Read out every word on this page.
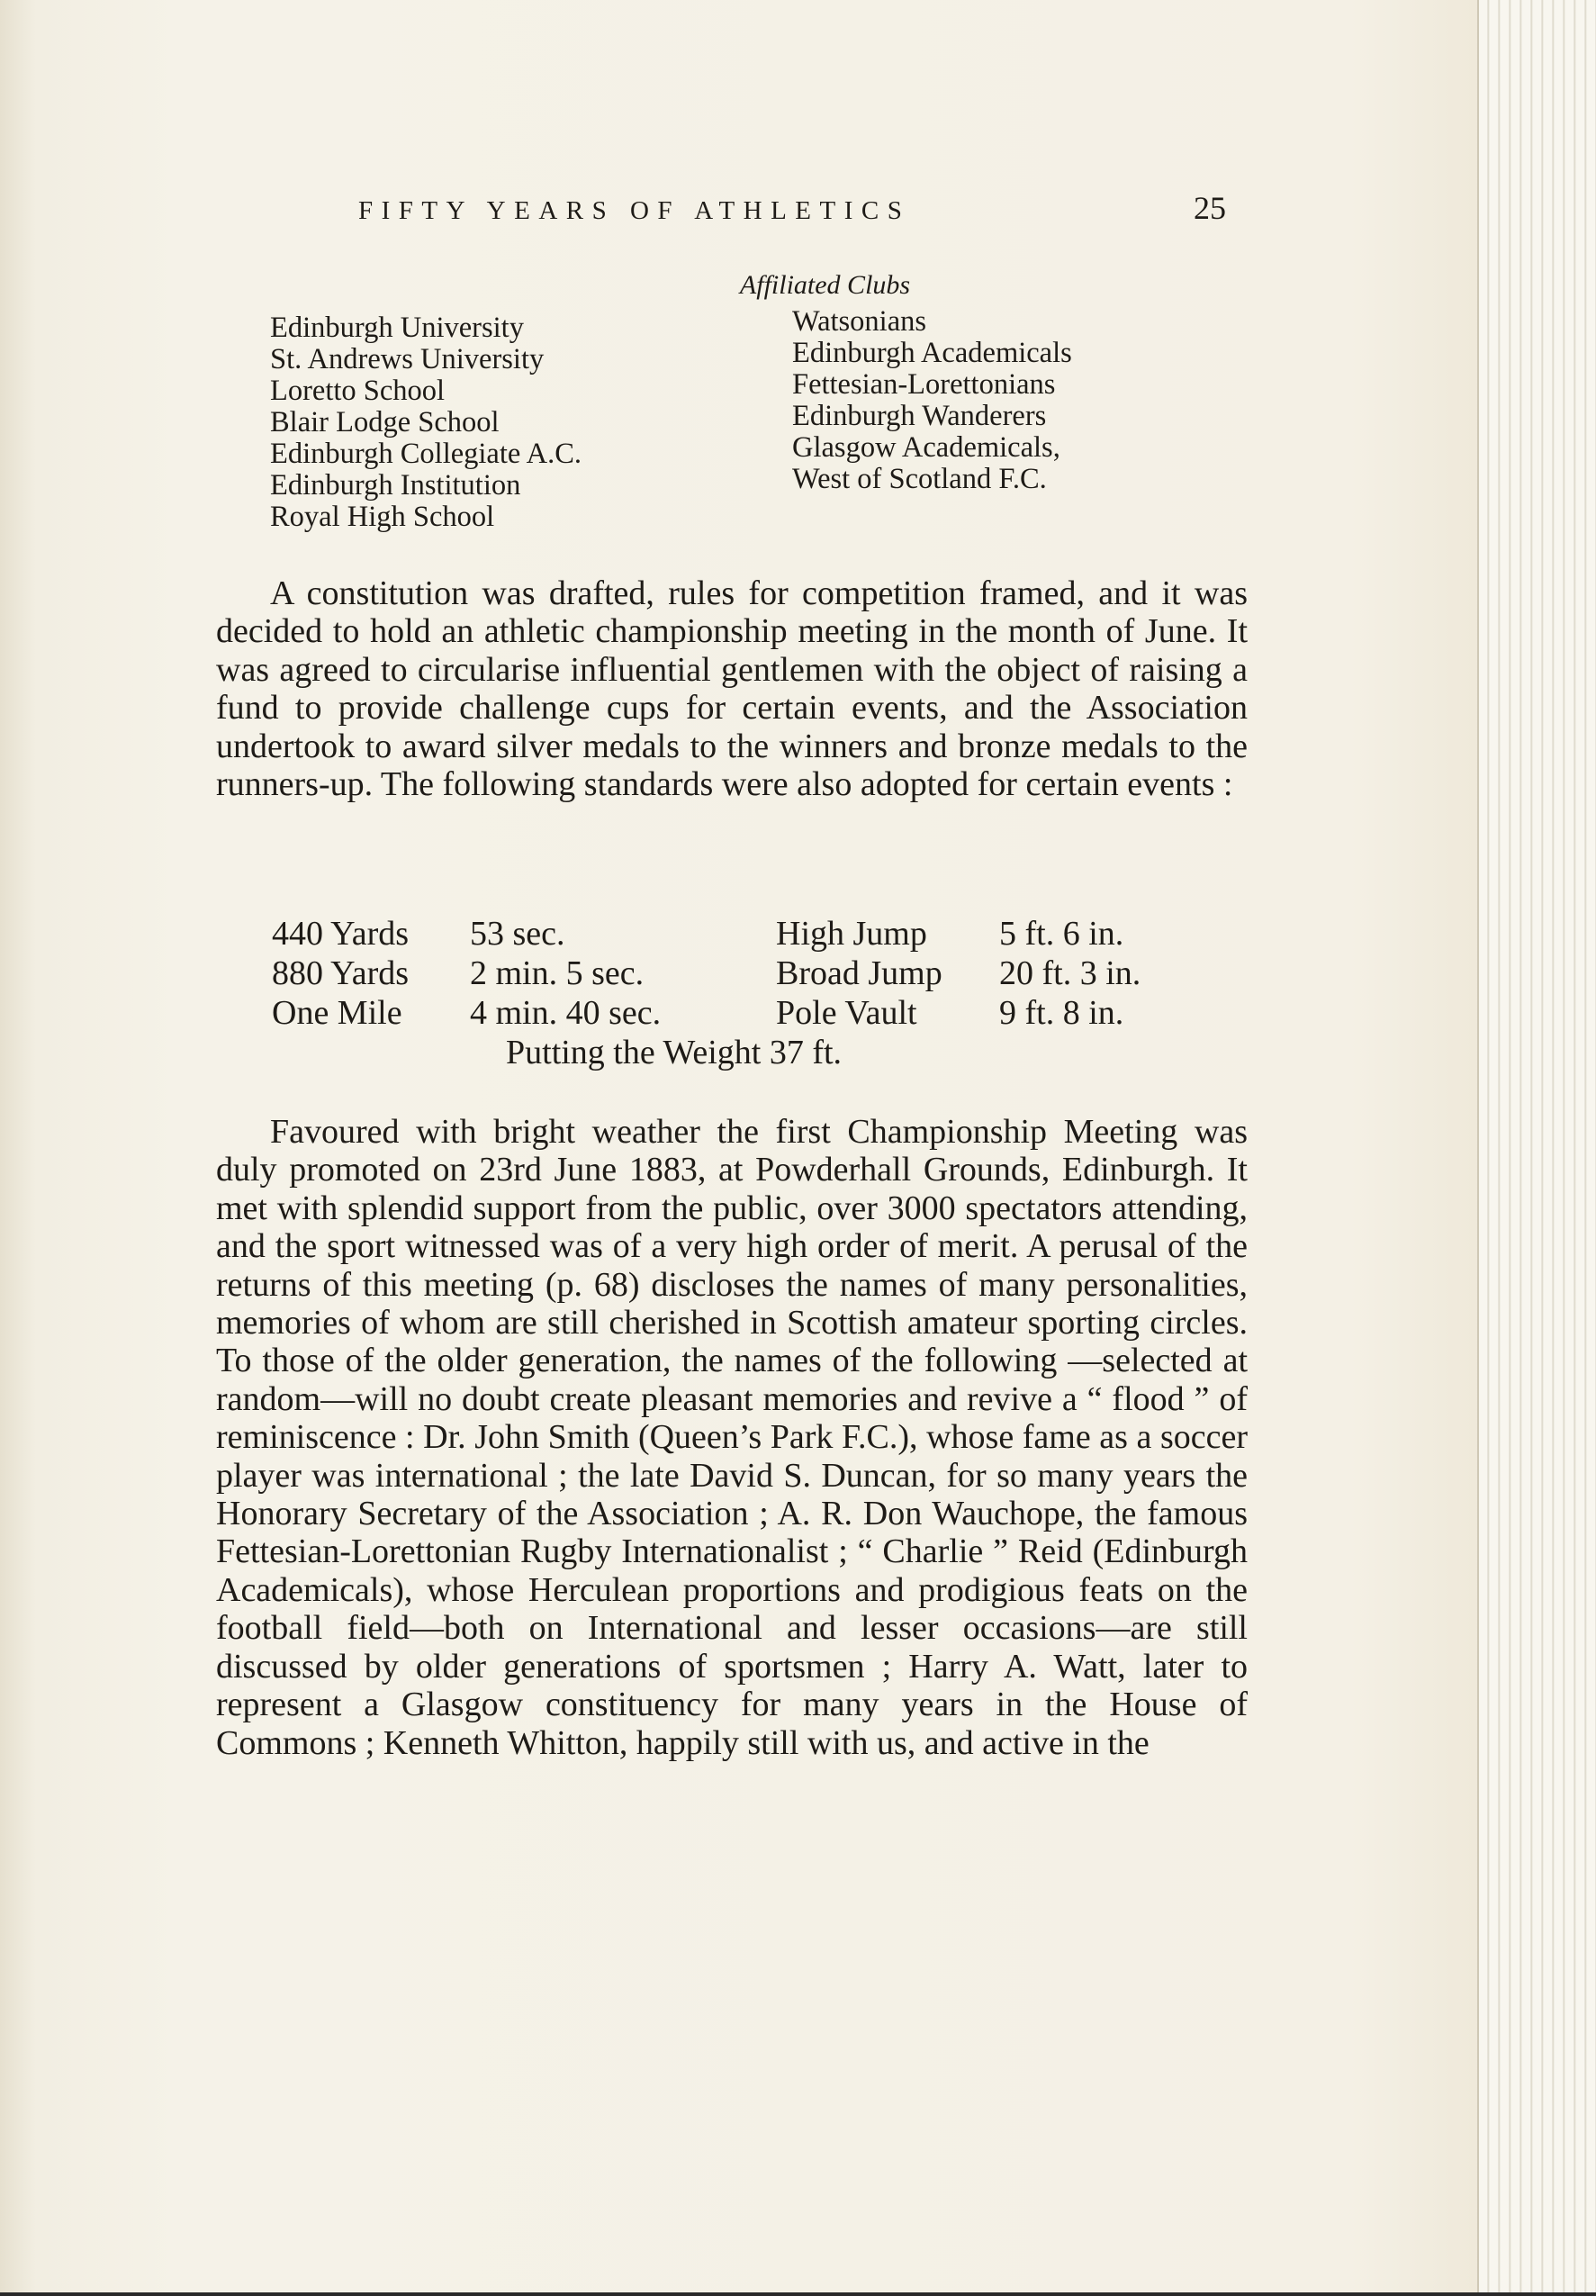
FIFTY YEARS OF ATHLETICS	25
Affiliated Clubs
Edinburgh University
St. Andrews University
Loretto School
Blair Lodge School
Edinburgh Collegiate A.C.
Edinburgh Institution
Royal High School
Watsonians
Edinburgh Academicals
Fettesian-Lorettonians
Edinburgh Wanderers
Glasgow Academicals,
West of Scotland F.C.

A constitution was drafted, rules for competition framed, and it was decided to hold an athletic championship meeting in the month of June. It was agreed to circularise influential gentlemen with the object of raising a fund to provide challenge cups for certain events, and the Association undertook to award silver medals to the winners and bronze medals to the runners-up. The following standards were also adopted for certain events :

440 Yards 53 sec.	High Jump 5 ft. 6 in.
880 Yards 2 min. 5 sec.	Broad Jump 20 ft. 3 in.
One Mile 4 min. 40 sec.	Pole Vault 9 ft. 8 in.
Putting the Weight 37 ft.

Favoured with bright weather the first Championship Meeting was duly promoted on 23rd June 1883, at Powderhall Grounds, Edinburgh. It met with splendid support from the public, over 3000 spectators attending, and the sport witnessed was of a very high order of merit. A perusal of the returns of this meeting (p. 68) discloses the names of many personalities, memories of whom are still cherished in Scottish amateur sporting circles. To those of the older generation, the names of the following —selected at random—will no doubt create pleasant memories and revive a “ flood ” of reminiscence : Dr. John Smith (Queen’s Park F.C.), whose fame as a soccer player was international ; the late David S. Duncan, for so many years the Honorary Secretary of the Association ; A. R. Don Wauchope, the famous Fettesian-Lorettonian Rugby Internationalist ; “ Charlie ” Reid (Edinburgh Academicals), whose Herculean proportions and prodigious feats on the football field—both on International and lesser occasions—are still discussed by older generations of sportsmen ; Harry A. Watt, later to represent a Glasgow constituency for many years in the House of Commons ; Kenneth Whitton, happily still with us, and active in the
